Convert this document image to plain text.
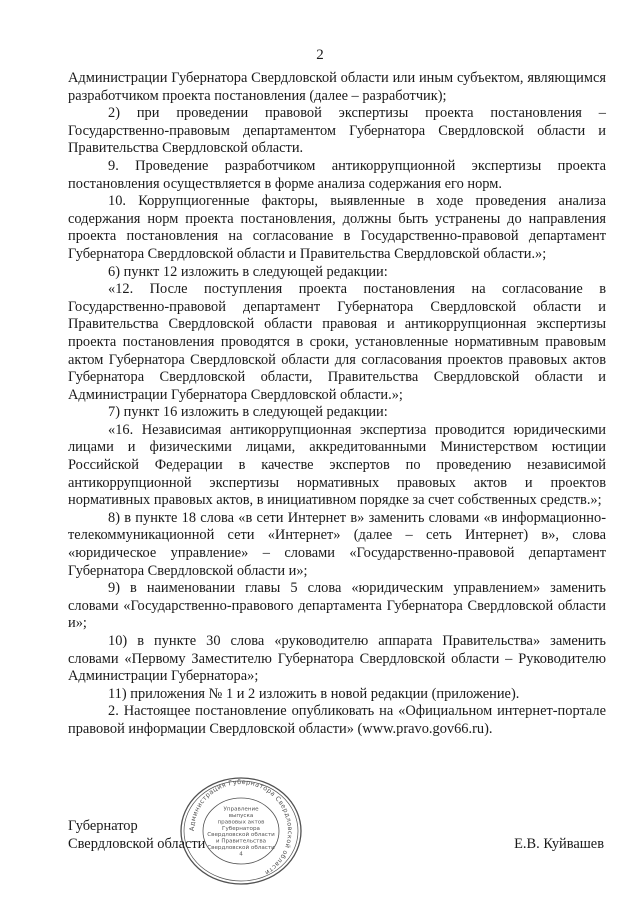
2

Администрации Губернатора Свердловской области или иным субъектом, являющимся разработчиком проекта постановления (далее – разработчик);

2) при проведении правовой экспертизы проекта постановления – Государственно-правовым департаментом Губернатора Свердловской области и Правительства Свердловской области.

9. Проведение разработчиком антикоррупционной экспертизы проекта постановления осуществляется в форме анализа содержания его норм.

10. Коррупциогенные факторы, выявленные в ходе проведения анализа содержания норм проекта постановления, должны быть устранены до направления проекта постановления на согласование в Государственно-правовой департамент Губернатора Свердловской области и Правительства Свердловской области.»;

6) пункт 12 изложить в следующей редакции:

«12. После поступления проекта постановления на согласование в Государственно-правовой департамент Губернатора Свердловской области и Правительства Свердловской области правовая и антикоррупционная экспертизы проекта постановления проводятся в сроки, установленные нормативным правовым актом Губернатора Свердловской области для согласования проектов правовых актов Губернатора Свердловской области, Правительства Свердловской области и Администрации Губернатора Свердловской области.»;

7) пункт 16 изложить в следующей редакции:

«16. Независимая антикоррупционная экспертиза проводится юридическими лицами и физическими лицами, аккредитованными Министерством юстиции Российской Федерации в качестве экспертов по проведению независимой антикоррупционной экспертизы нормативных правовых актов и проектов нормативных правовых актов, в инициативном порядке за счет собственных средств.»;

8) в пункте 18 слова «в сети Интернет в» заменить словами «в информационно-телекоммуникационной сети «Интернет» (далее – сеть Интернет) в», слова «юридическое управление» – словами «Государственно-правовой департамент Губернатора Свердловской области и»;

9) в наименовании главы 5 слова «юридическим управлением» заменить словами «Государственно-правового департамента Губернатора Свердловской области и»;

10) в пункте 30 слова «руководителю аппарата Правительства» заменить словами «Первому Заместителю Губернатора Свердловской области – Руководителю Администрации Губернатора»;

11) приложения № 1 и 2 изложить в новой редакции (приложение).

2. Настоящее постановление опубликовать на «Официальном интернет-портале правовой информации Свердловской области» (www.pravo.gov66.ru).

Губернатор
Свердловской области	Е.В. Куйвашев
Администрация Губернатора Свердловской области
Управление выпуска правовых актов Губернатора Свердловской области и Правительства Свердловской области 4
